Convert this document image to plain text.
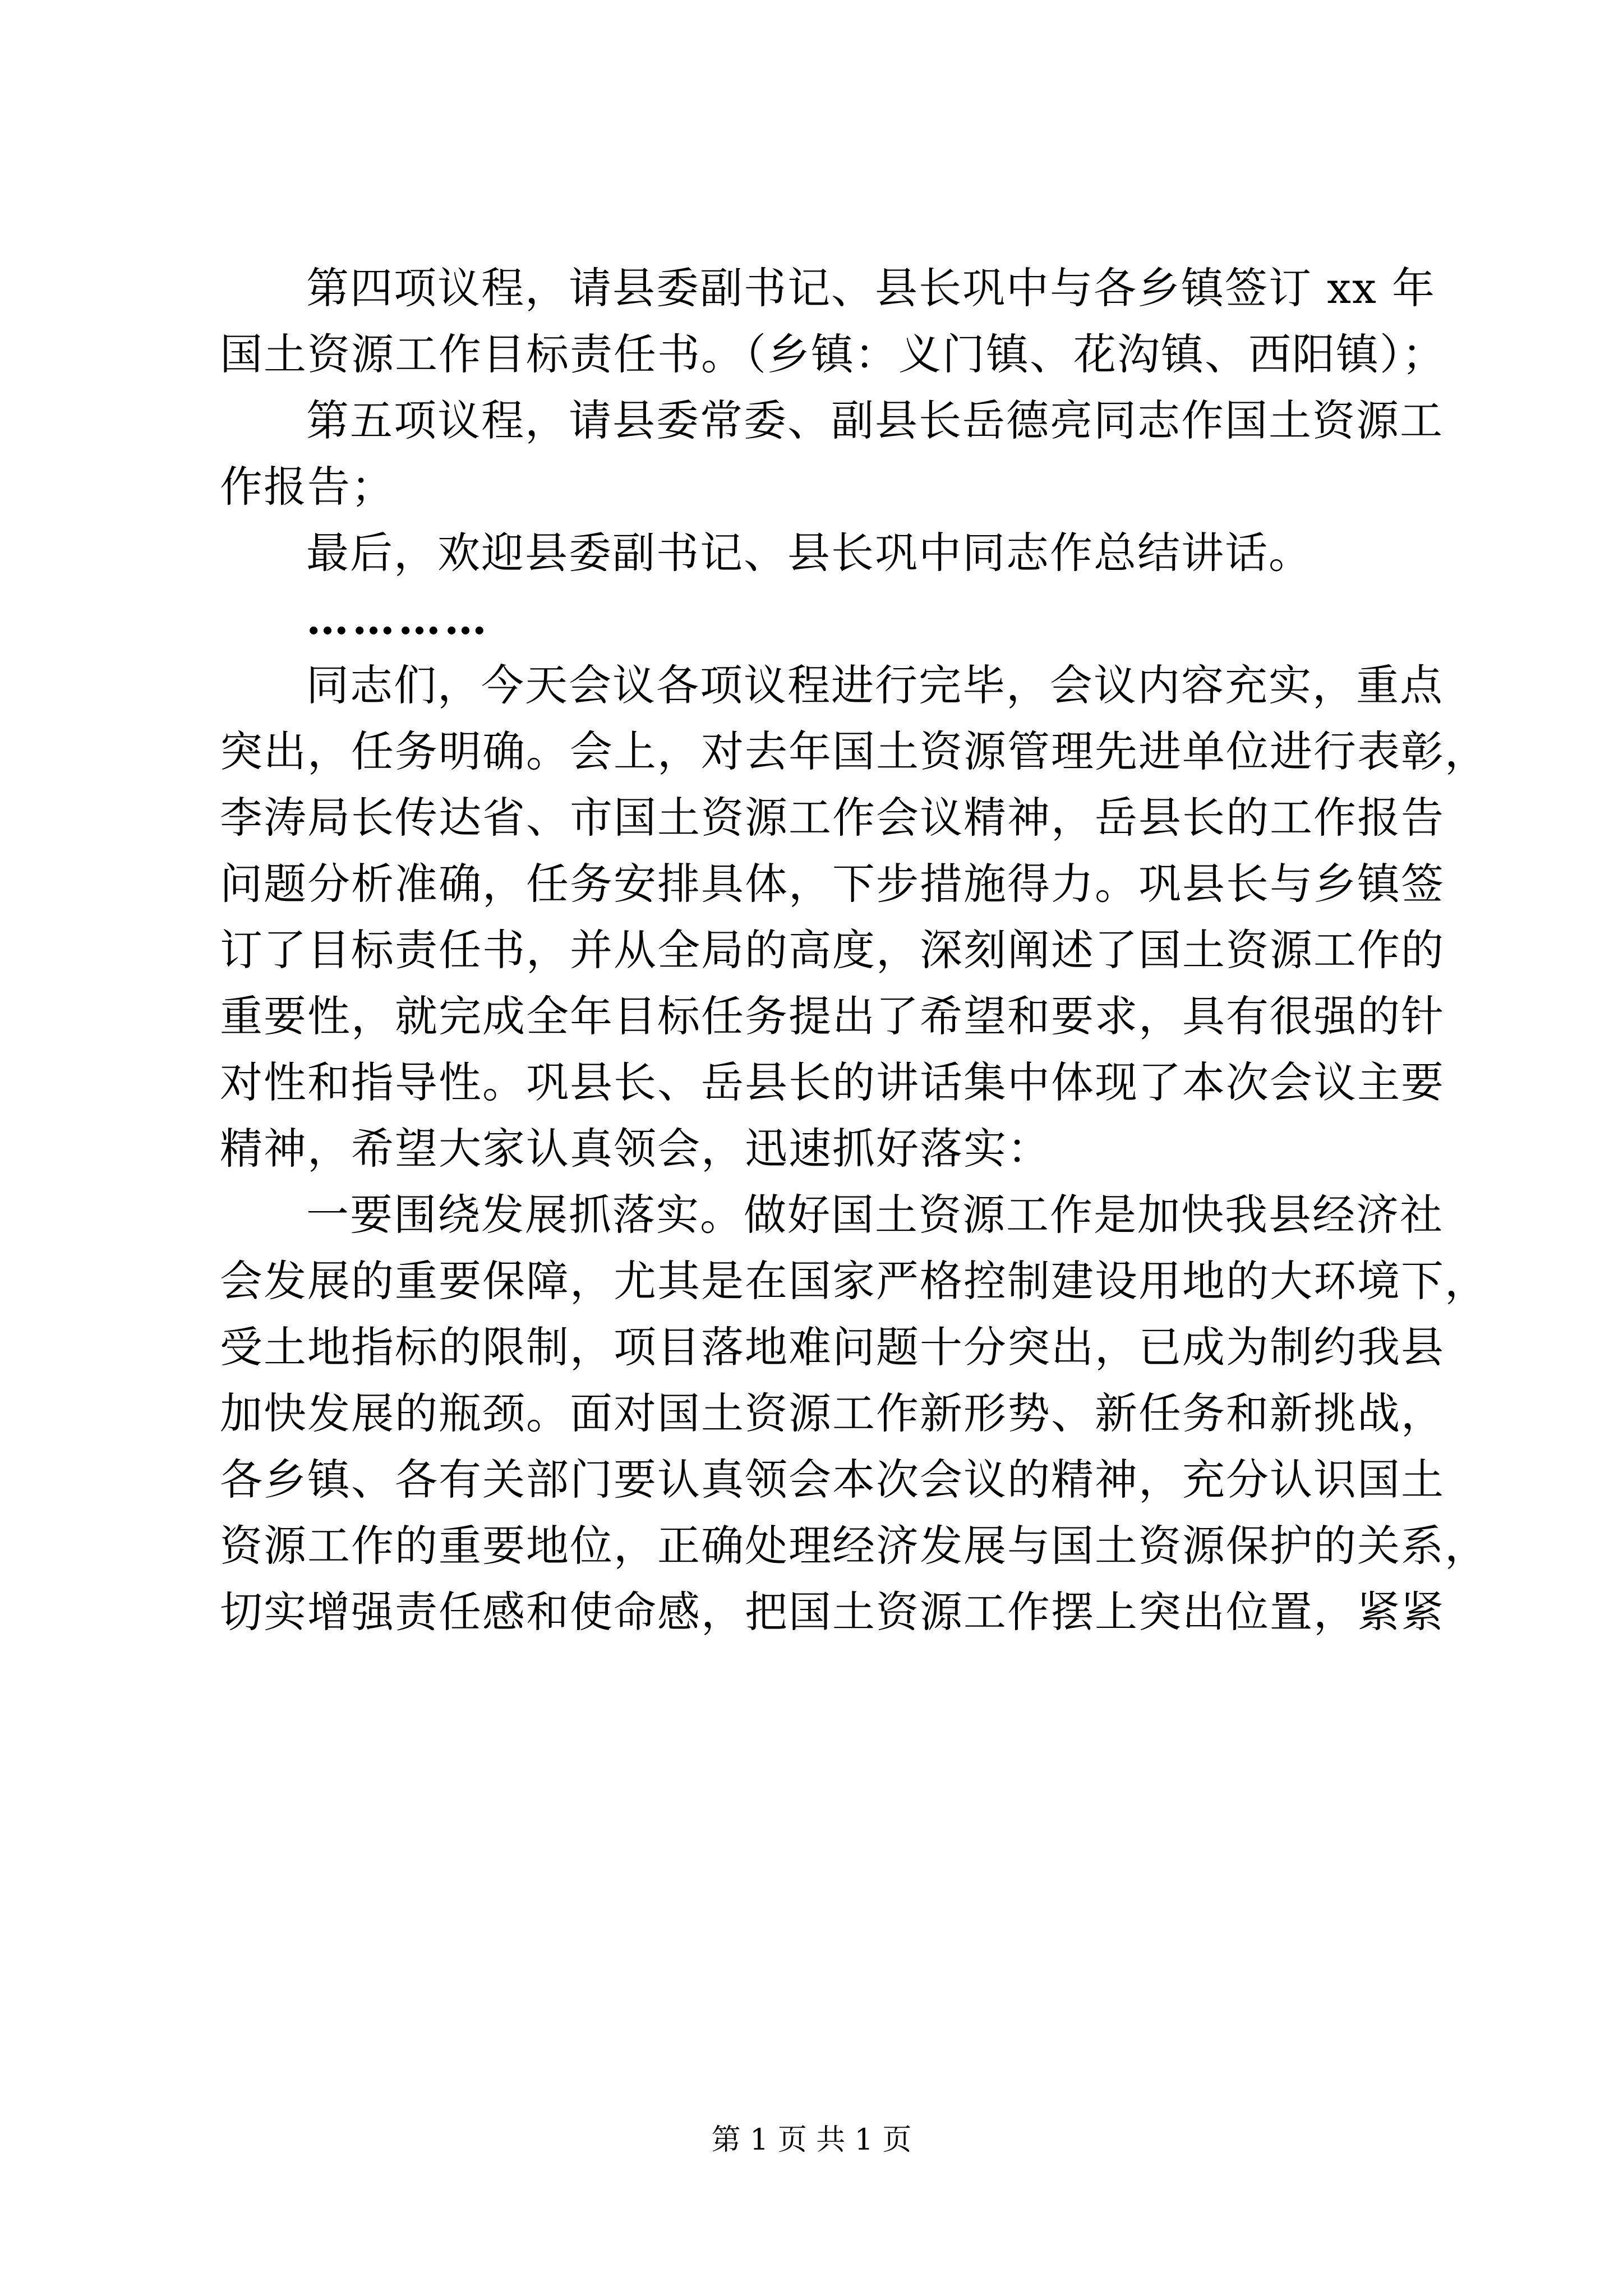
第四项议程，请县委副书记、县长巩中与各乡镇签订 xx 年
国土资源工作目标责任书。（乡镇：义门镇、花沟镇、西阳镇）；
第五项议程，请县委常委、副县长岳德亮同志作国土资源工
作报告；
最后，欢迎县委副书记、县长巩中同志作总结讲话。
…………
同志们，今天会议各项议程进行完毕，会议内容充实，重点
突出，任务明确。会上，对去年国土资源管理先进单位进行表彰，
李涛局长传达省、市国土资源工作会议精神，岳县长的工作报告
问题分析准确，任务安排具体，下步措施得力。巩县长与乡镇签
订了目标责任书，并从全局的高度，深刻阐述了国土资源工作的
重要性，就完成全年目标任务提出了希望和要求，具有很强的针
对性和指导性。巩县长、岳县长的讲话集中体现了本次会议主要
精神，希望大家认真领会，迅速抓好落实：
一要围绕发展抓落实。做好国土资源工作是加快我县经济社
会发展的重要保障，尤其是在国家严格控制建设用地的大环境下，
受土地指标的限制，项目落地难问题十分突出，已成为制约我县
加快发展的瓶颈。面对国土资源工作新形势、新任务和新挑战，
各乡镇、各有关部门要认真领会本次会议的精神，充分认识国土
资源工作的重要地位，正确处理经济发展与国土资源保护的关系，
切实增强责任感和使命感，把国土资源工作摆上突出位置，紧紧
第 1 页 共 1 页
